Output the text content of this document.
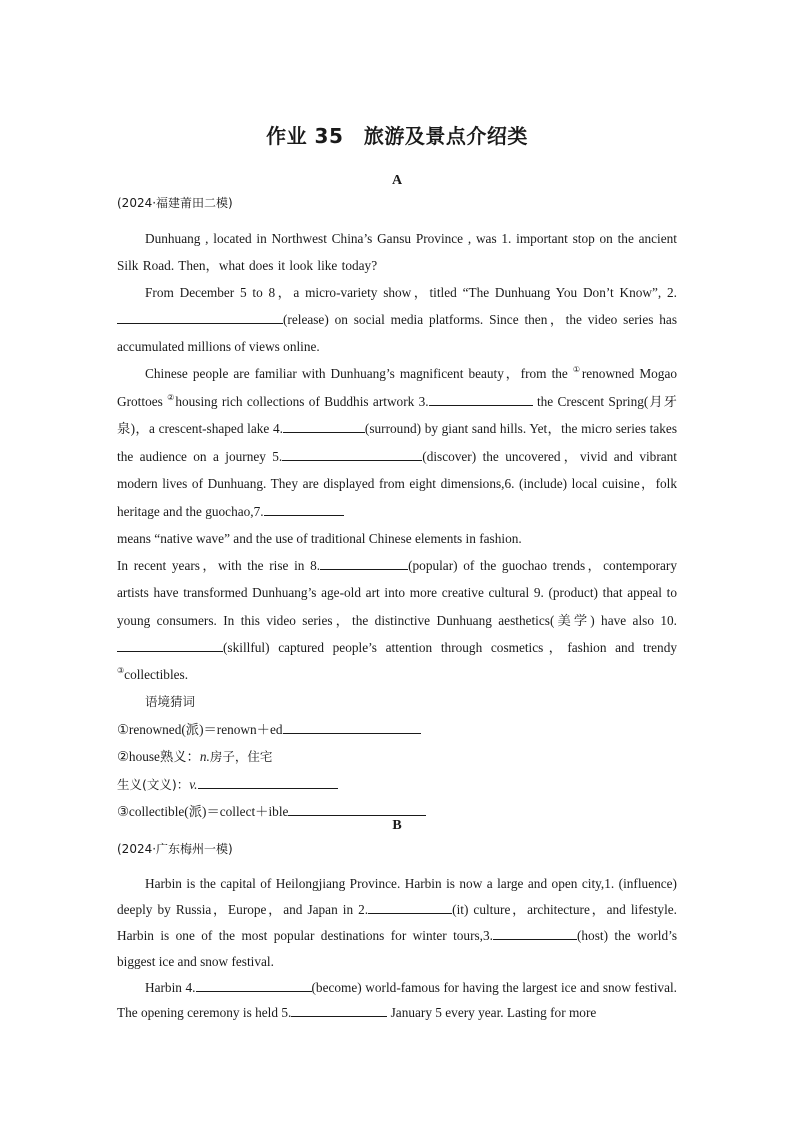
作业 35　旅游及景点介绍类
A

(2024·福建莆田二模)

Dunhuang , located in Northwest China’s Gansu Province , was 1. important stop on the ancient Silk Road. Then，what does it look like today?

From December 5 to 8，a micro-variety show，titled “The Dunhuang You Don’t Know”, 2.(release) on social media platforms. Since then，the video series has accumulated millions of views online.

Chinese people are familiar with Dunhuang’s magnificent beauty，from the ①renowned Mogao Grottoes ②housing rich collections of Buddhis artwork 3.	the Crescent Spring(月牙泉)，a crescent-shaped lake 4.	(surround) by giant sand hills. Yet，the micro series takes the audience on a journey 5.	(discover) the uncovered，vivid and vibrant modern lives of Dunhuang. They are displayed from eight dimensions,6. (include) local cuisine，folk heritage and the guochao,7.

means “native wave” and the use of traditional Chinese elements in fashion.

In recent years，with the rise in 8.	(popular) of the guochao trends，contemporary artists have transformed Dunhuang’s age-old art into more creative cultural 9. (product) that appeal to young consumers. In this video series，the distinctive Dunhuang aesthetics(美学) have also 10.(skillful) captured people’s attention through cosmetics，fashion and trendy ③collectibles.

语境猜词

①renowned(派)＝renown＋ed

②house熟义：n.房子，住宅

生义(文义)：v.

③collectible(派)＝collect＋ible

B

(2024·广东梅州一模)

Harbin is the capital of Heilongjiang Province. Harbin is now a large and open city,1. (influence) deeply by Russia，Europe，and Japan in 2.	(it) culture，architecture，and lifestyle. Harbin is one of the most popular destinations for winter tours,3.	(host) the world’s biggest ice and snow festival.

Harbin 4.	(become) world-famous for having the largest ice and snow festival. The opening ceremony is held 5.	January 5 every year. Lasting for more
